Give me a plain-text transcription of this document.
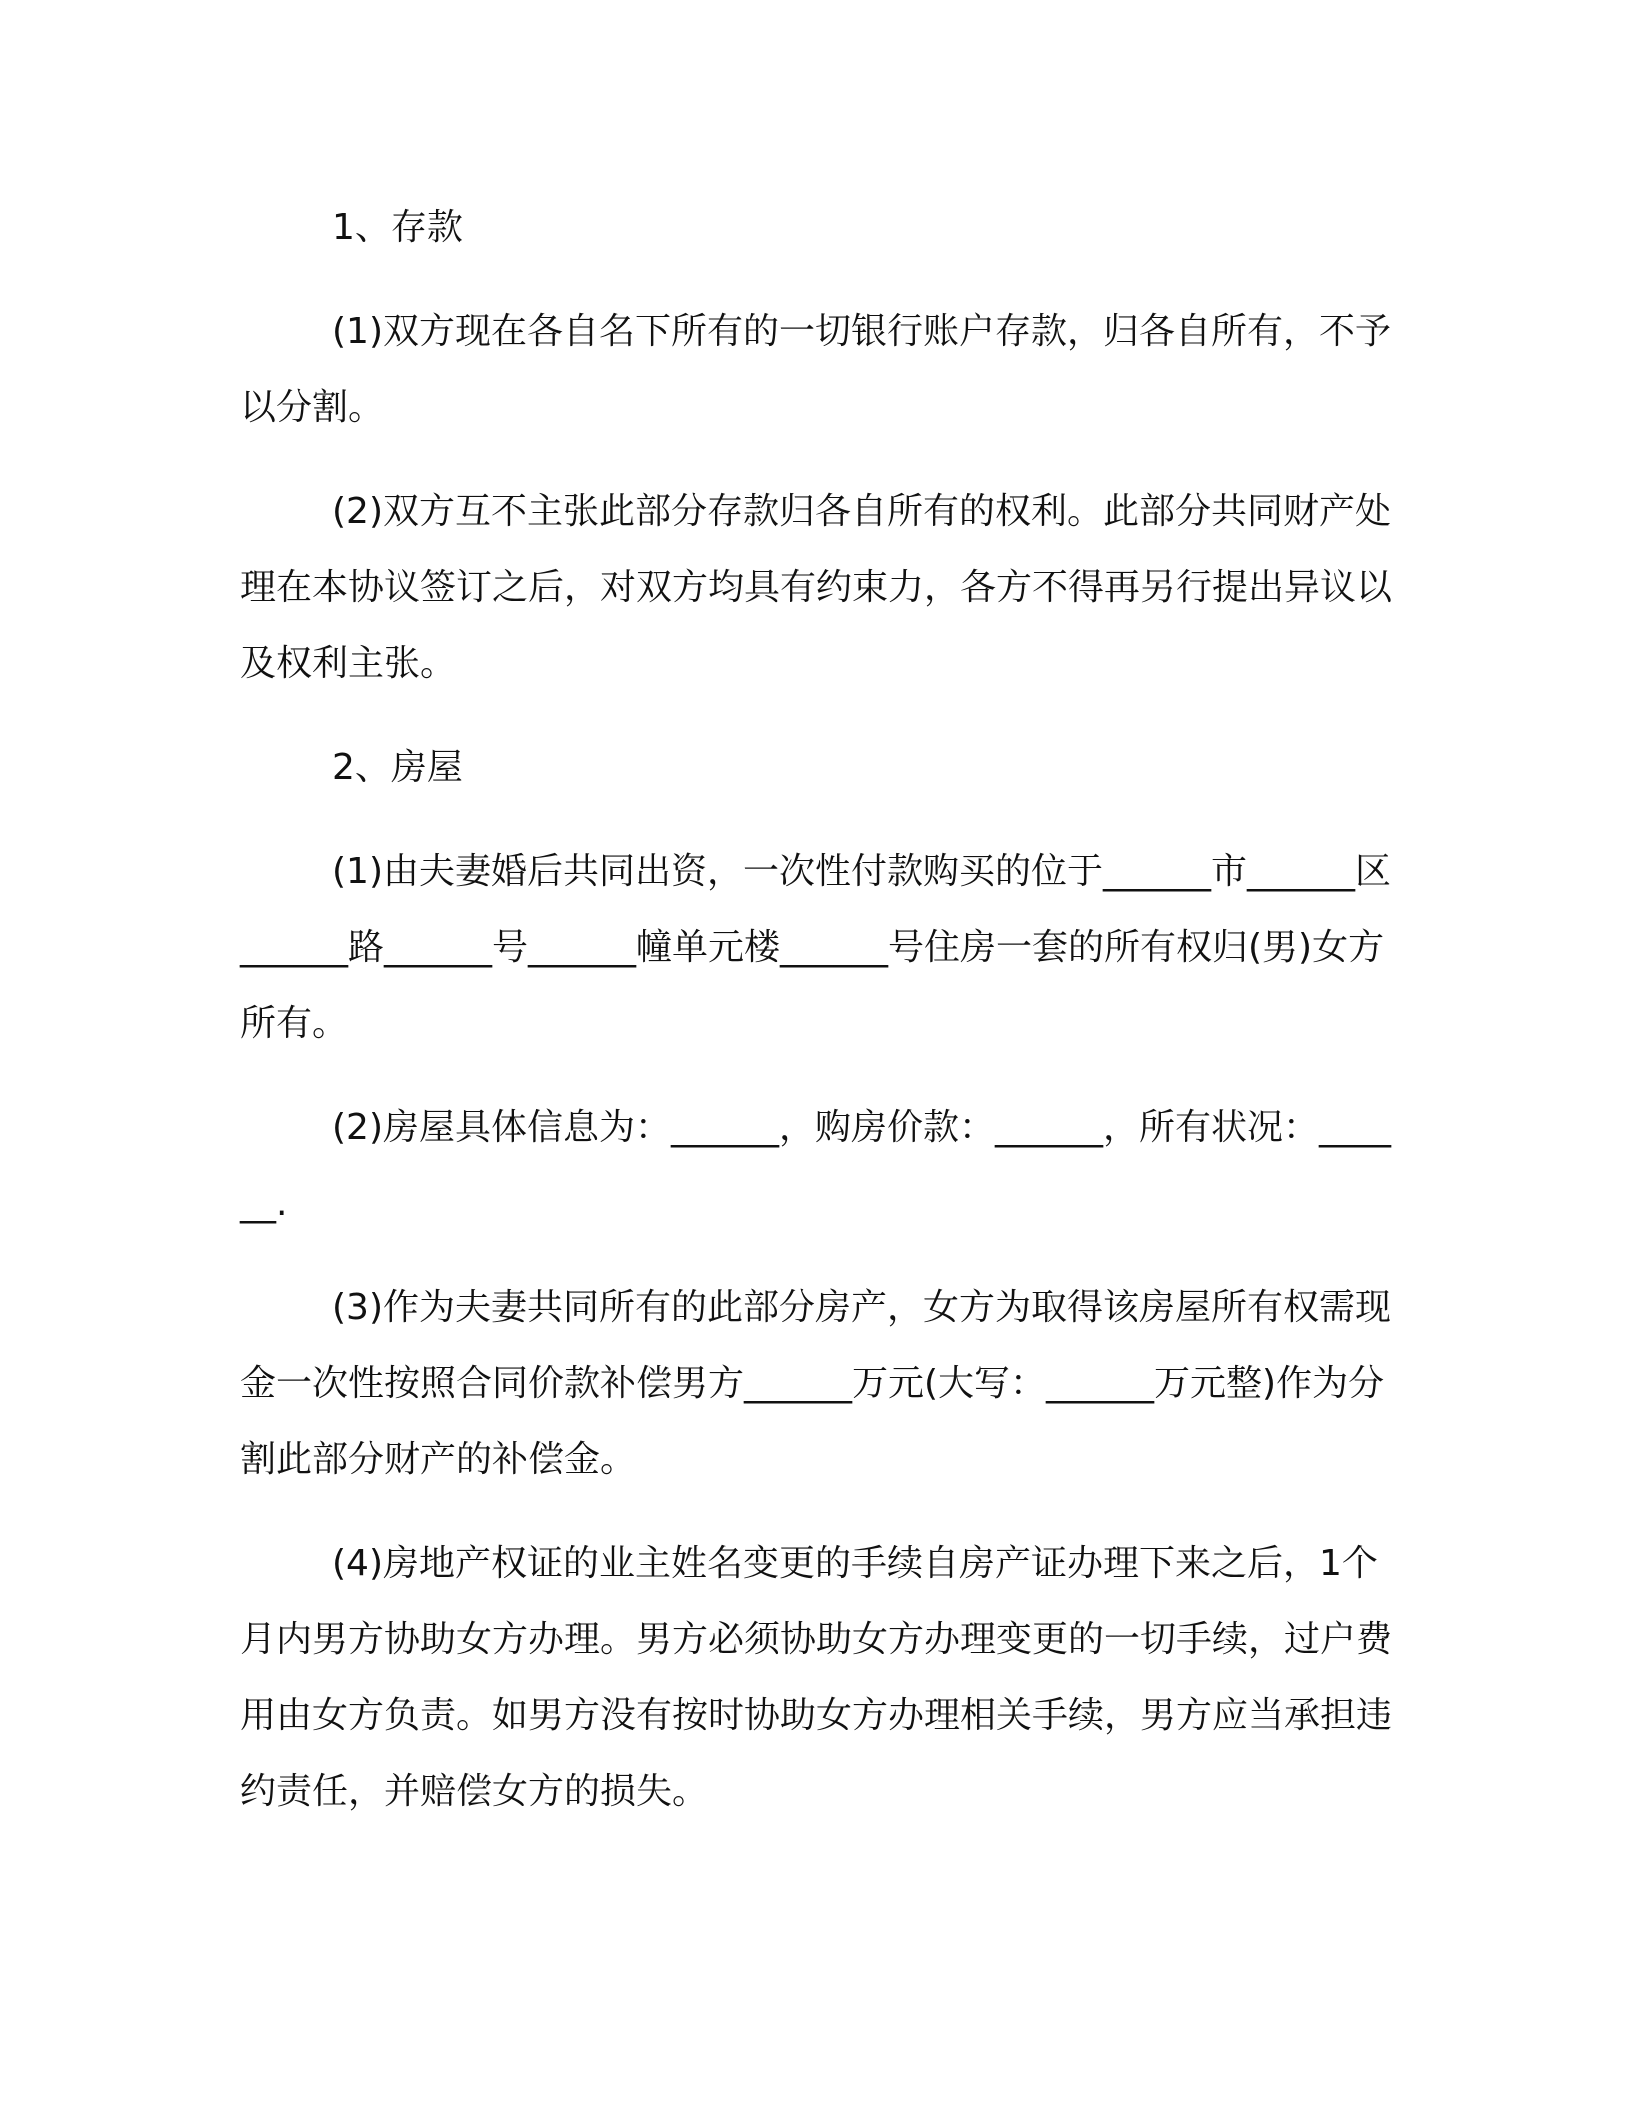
1、存款

(1)双方现在各自名下所有的一切银行账户存款，归各自所有，不予以分割。

(2)双方互不主张此部分存款归各自所有的权利。此部分共同财产处理在本协议签订之后，对双方均具有约束力，各方不得再另行提出异议以及权利主张。

2、房屋

(1)由夫妻婚后共同出资，一次性付款购买的位于______市______区______路______号______幢单元楼______号住房一套的所有权归(男)女方所有。

(2)房屋具体信息为：______，购房价款：______，所有状况：______.

(3)作为夫妻共同所有的此部分房产，女方为取得该房屋所有权需现金一次性按照合同价款补偿男方______万元(大写：______万元整)作为分割此部分财产的补偿金。

(4)房地产权证的业主姓名变更的手续自房产证办理下来之后，1个月内男方协助女方办理。男方必须协助女方办理变更的一切手续，过户费用由女方负责。如男方没有按时协助女方办理相关手续，男方应当承担违约责任，并赔偿女方的损失。
